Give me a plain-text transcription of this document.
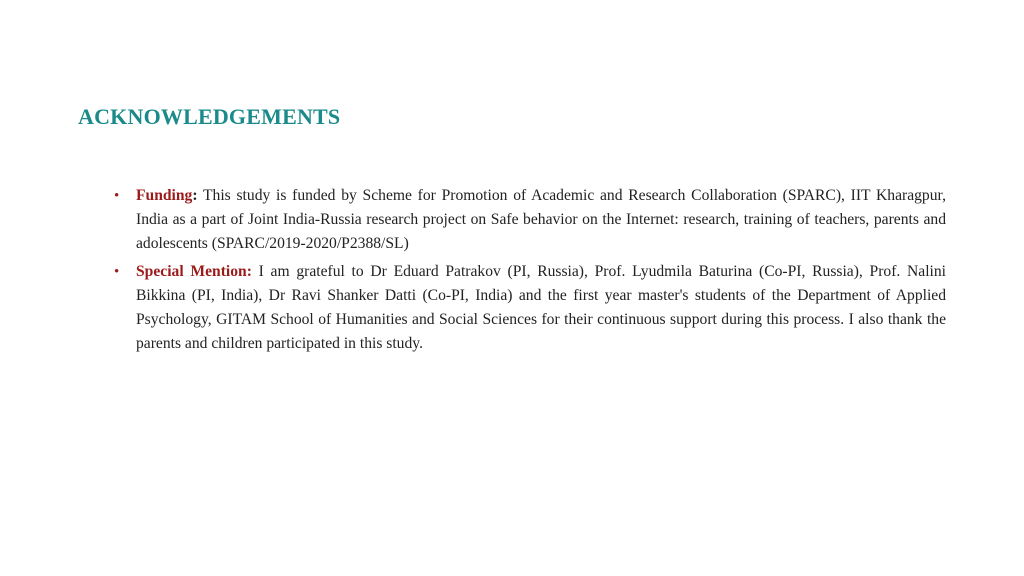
ACKNOWLEDGEMENTS
• Funding: This study is funded by Scheme for Promotion of Academic and Research Collaboration (SPARC), IIT Kharagpur, India as a part of Joint India-Russia research project on Safe behavior on the Internet: research, training of teachers, parents and adolescents (SPARC/2019-2020/P2388/SL)
• Special Mention: I am grateful to Dr Eduard Patrakov (PI, Russia), Prof. Lyudmila Baturina (Co-PI, Russia), Prof. Nalini Bikkina (PI, India), Dr Ravi Shanker Datti (Co-PI, India) and the first year master's students of the Department of Applied Psychology, GITAM School of Humanities and Social Sciences for their continuous support during this process. I also thank the parents and children participated in this study.
